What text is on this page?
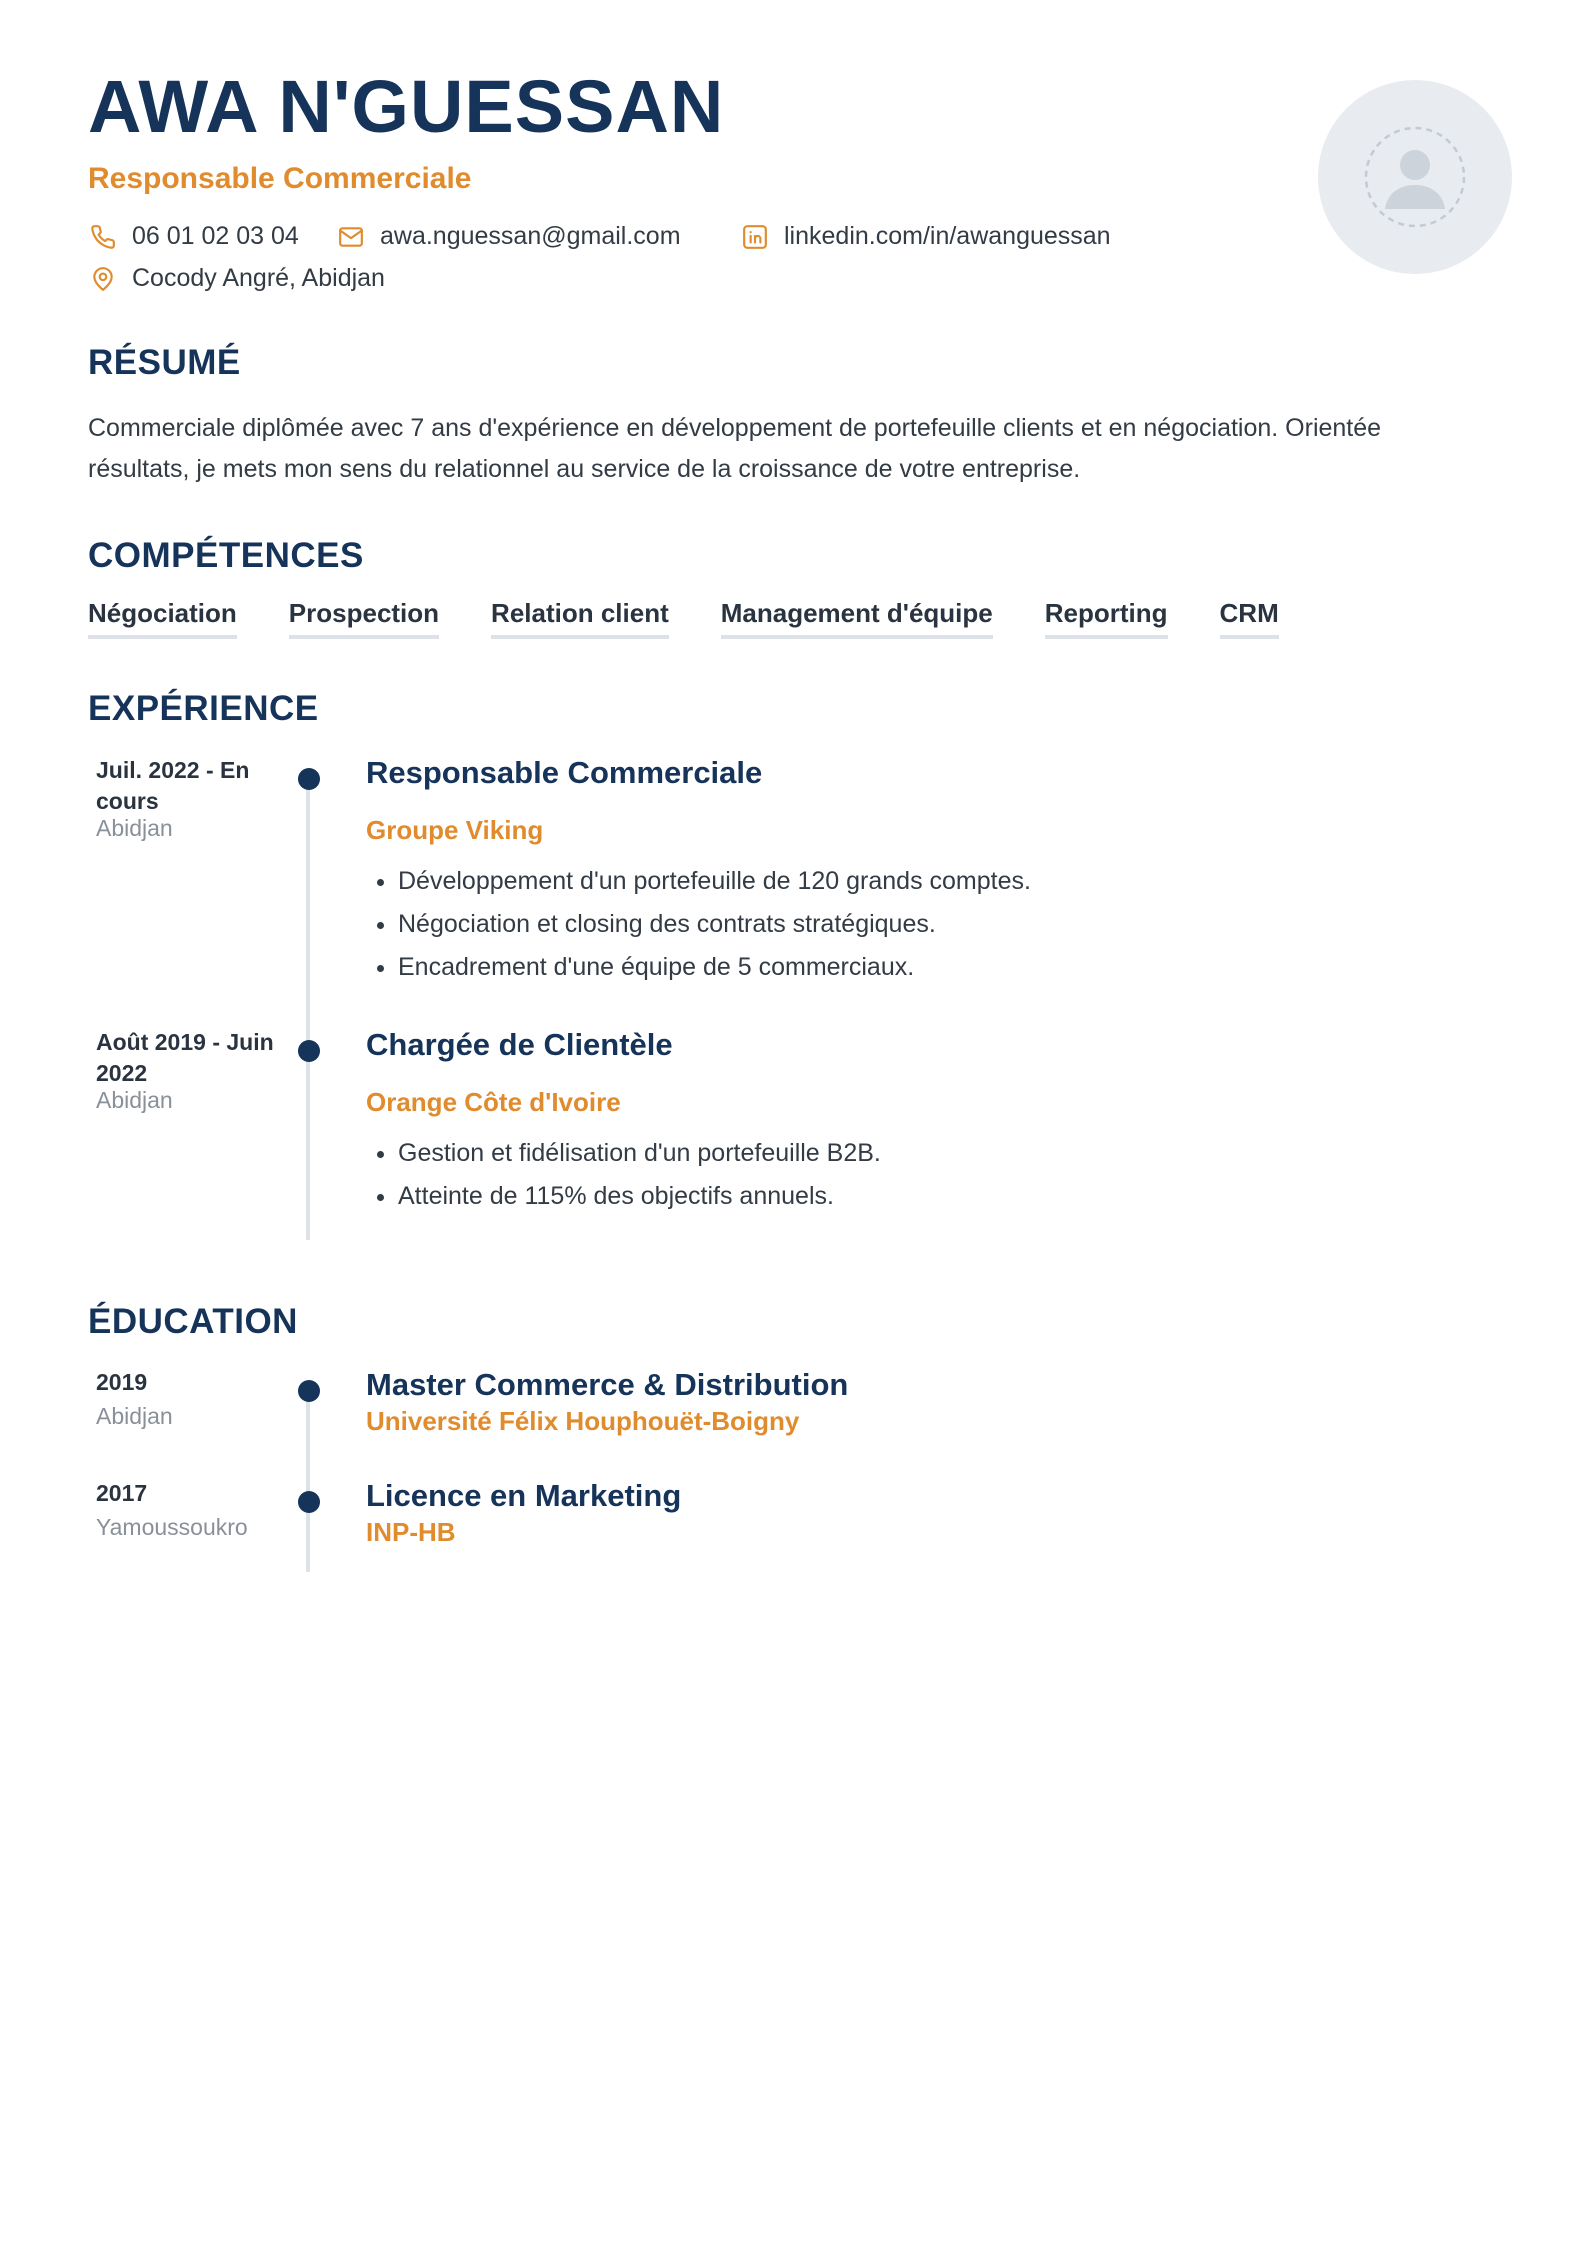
AWA N'GUESSAN
Responsable Commerciale
06 01 02 03 04	awa.nguessan@gmail.com	linkedin.com/in/awanguessan
Cocody Angré, Abidjan
RÉSUMÉ
Commerciale diplômée avec 7 ans d'expérience en développement de portefeuille clients et en négociation. Orientée résultats, je mets mon sens du relationnel au service de la croissance de votre entreprise.
COMPÉTENCES
Négociation Prospection Relation client Management d'équipe Reporting CRM
EXPÉRIENCE
Juil. 2022 - En cours
Abidjan
Responsable Commerciale
Groupe Viking
• Développement d'un portefeuille de 120 grands comptes.
• Négociation et closing des contrats stratégiques.
• Encadrement d'une équipe de 5 commerciaux.
Août 2019 - Juin 2022
Abidjan
Chargée de Clientèle
Orange Côte d'Ivoire
• Gestion et fidélisation d'un portefeuille B2B.
• Atteinte de 115% des objectifs annuels.
ÉDUCATION
2019
Abidjan
Master Commerce & Distribution
Université Félix Houphouët-Boigny
2017
Yamoussoukro
Licence en Marketing
INP-HB
